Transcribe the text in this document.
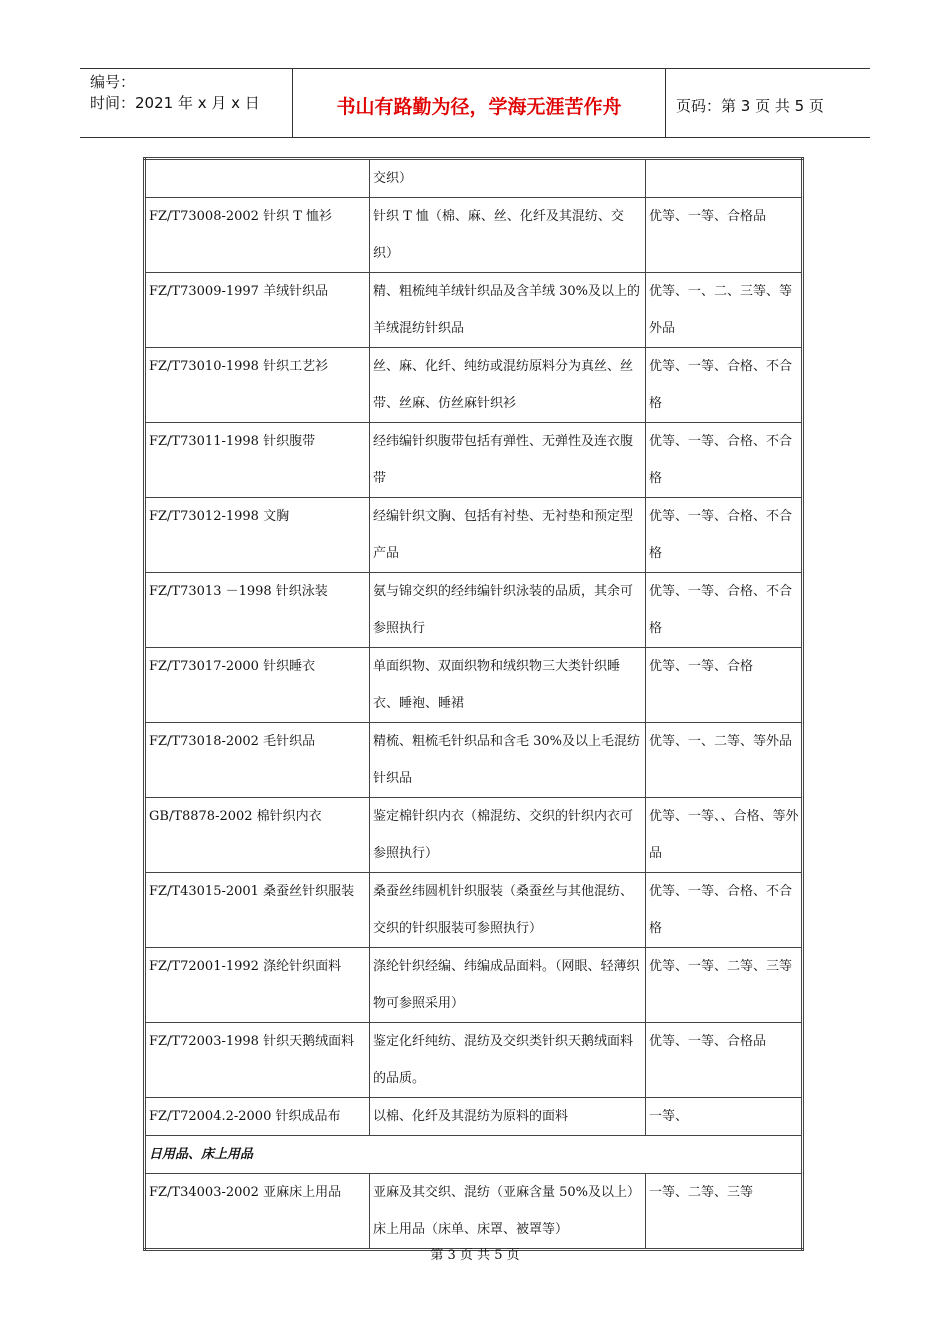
编号：
时间：2021 年 x 月 x 日	书山有路勤为径，学海无涯苦作舟	页码：第 3 页 共 5 页
	交织）	
FZ/T73008-2002 针织 T 恤衫	针织 T 恤（棉、麻、丝、化纤及其混纺、交织）	优等、一等、合格品
FZ/T73009-1997 羊绒针织品	精、粗梳纯羊绒针织品及含羊绒 30%及以上的羊绒混纺针织品	优等、一、二、三等、等外品
FZ/T73010-1998 针织工艺衫	丝、麻、化纤、纯纺或混纺原料分为真丝、丝带、丝麻、仿丝麻针织衫	优等、一等、合格、不合格
FZ/T73011-1998 针织腹带	经纬编针织腹带包括有弹性、无弹性及连衣腹带	优等、一等、合格、不合格
FZ/T73012-1998 文胸	经编针织文胸、包括有衬垫、无衬垫和预定型产品	优等、一等、合格、不合格
FZ/T73013 －1998 针织泳装	氨与锦交织的经纬编针织泳装的品质，其余可参照执行	优等、一等、合格、不合格
FZ/T73017-2000 针织睡衣	单面织物、双面织物和绒织物三大类针织睡衣、睡袍、睡裙	优等、一等、合格
FZ/T73018-2002 毛针织品	精梳、粗梳毛针织品和含毛 30%及以上毛混纺针织品	优等、一、二等、等外品
GB/T8878-2002 棉针织内衣	鉴定棉针织内衣（棉混纺、交织的针织内衣可参照执行）	优等、一等、、合格、等外品
FZ/T43015-2001 桑蚕丝针织服装	桑蚕丝纬圆机针织服装（桑蚕丝与其他混纺、交织的针织服装可参照执行）	优等、一等、合格、不合格
FZ/T72001-1992 涤纶针织面料	涤纶针织经编、纬编成品面料。（网眼、轻薄织物可参照采用）	优等、一等、二等、三等
FZ/T72003-1998 针织天鹅绒面料	鉴定化纤纯纺、混纺及交织类针织天鹅绒面料的品质。	优等、一等、合格品
FZ/T72004.2-2000 针织成品布	以棉、化纤及其混纺为原料的面料	一等、
日用品、床上用品		
FZ/T34003-2002 亚麻床上用品	亚麻及其交织、混纺（亚麻含量 50%及以上）床上用品（床单、床罩、被罩等）	一等、二等、三等
第 3 页 共 5 页
